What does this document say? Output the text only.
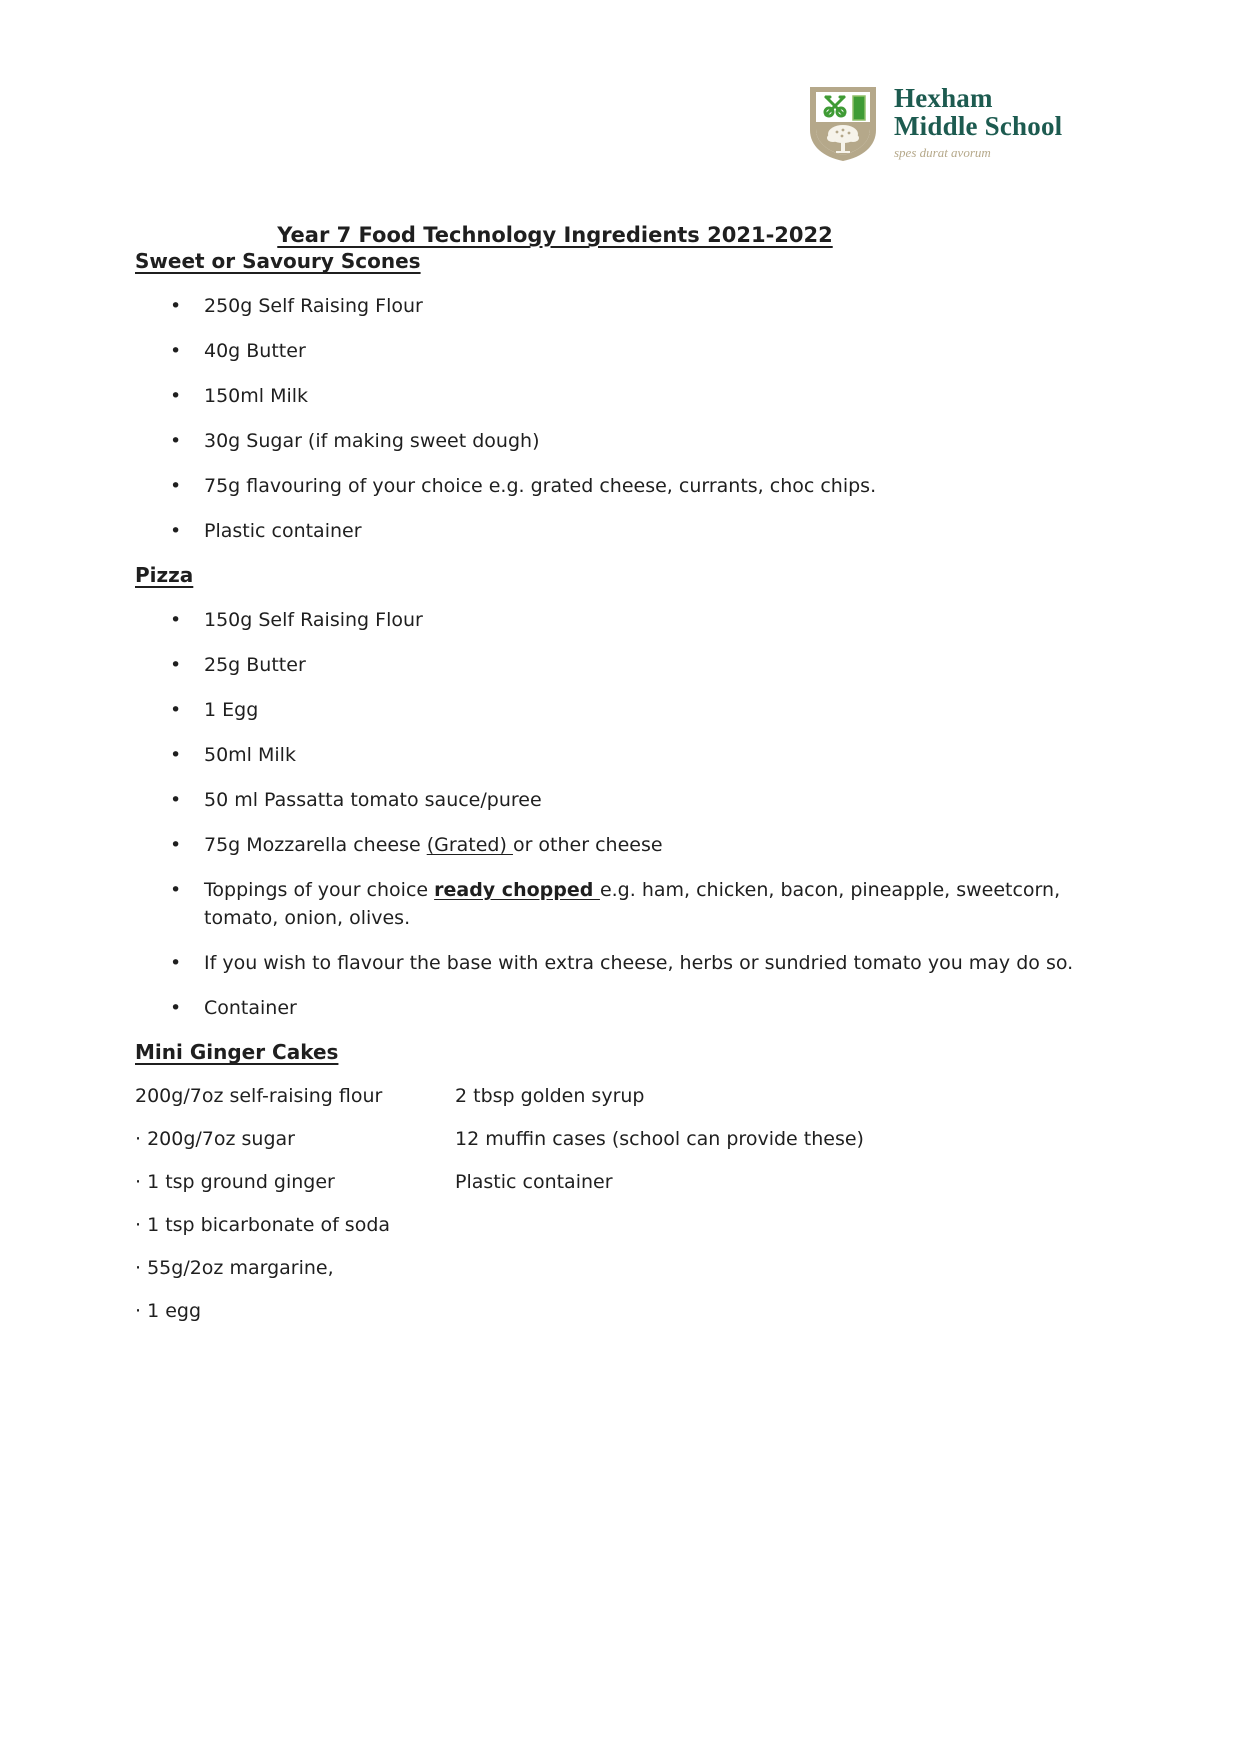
Hexham
Middle School
spes durat avorum

Year 7 Food Technology Ingredients 2021-2022

Sweet or Savoury Scones
•	250g Self Raising Flour
•	40g Butter
•	150ml Milk
•	30g Sugar (if making sweet dough)
•	75g flavouring of your choice e.g. grated cheese, currants, choc chips.
•	Plastic container
Pizza
•	150g Self Raising Flour
•	25g Butter
•	1 Egg
•	50ml Milk
•	50 ml Passatta tomato sauce/puree
•	75g Mozzarella cheese (Grated) or other cheese
•	Toppings of your choice ready chopped e.g. ham, chicken, bacon, pineapple, sweetcorn, tomato, onion, olives.
•	If you wish to flavour the base with extra cheese, herbs or sundried tomato you may do so.
•	Container
Mini Ginger Cakes
200g/7oz self-raising flour	2 tbsp golden syrup
· 200g/7oz sugar	12 muffin cases (school can provide these)
· 1 tsp ground ginger	Plastic container
· 1 tsp bicarbonate of soda
· 55g/2oz margarine,
· 1 egg
